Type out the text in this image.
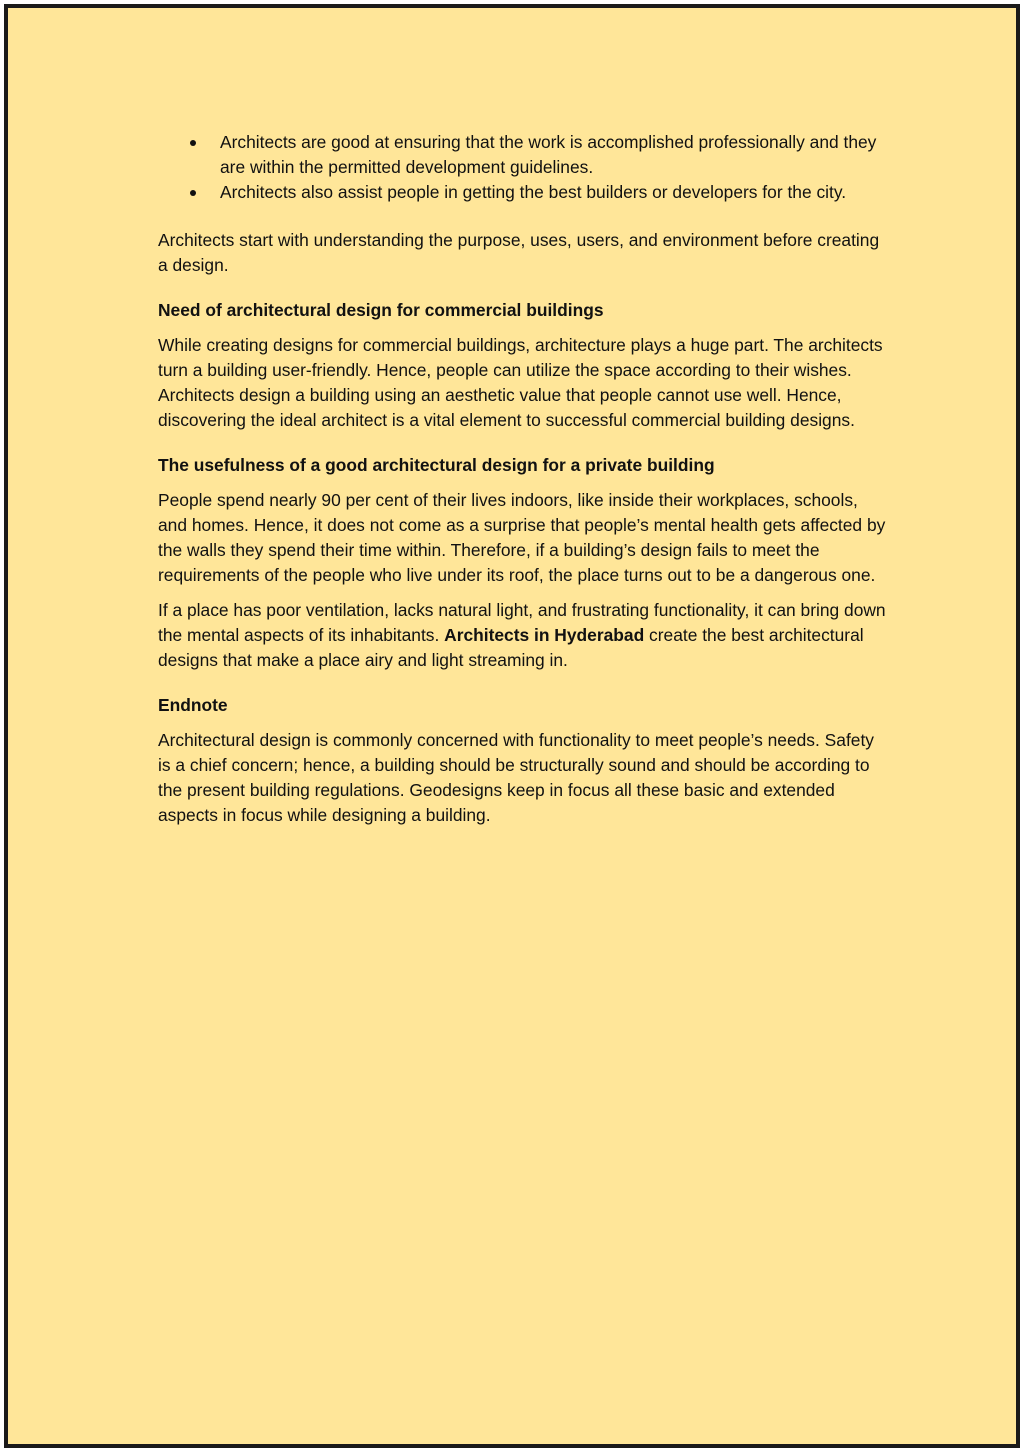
Architects are good at ensuring that the work is accomplished professionally and they are within the permitted development guidelines.
Architects also assist people in getting the best builders or developers for the city.

Architects start with understanding the purpose, uses, users, and environment before creating a design.

Need of architectural design for commercial buildings

While creating designs for commercial buildings, architecture plays a huge part. The architects turn a building user-friendly. Hence, people can utilize the space according to their wishes. Architects design a building using an aesthetic value that people cannot use well. Hence, discovering the ideal architect is a vital element to successful commercial building designs.

The usefulness of a good architectural design for a private building

People spend nearly 90 per cent of their lives indoors, like inside their workplaces, schools, and homes. Hence, it does not come as a surprise that people’s mental health gets affected by the walls they spend their time within. Therefore, if a building’s design fails to meet the requirements of the people who live under its roof, the place turns out to be a dangerous one.

If a place has poor ventilation, lacks natural light, and frustrating functionality, it can bring down the mental aspects of its inhabitants. Architects in Hyderabad create the best architectural designs that make a place airy and light streaming in.

Endnote

Architectural design is commonly concerned with functionality to meet people’s needs. Safety is a chief concern; hence, a building should be structurally sound and should be according to the present building regulations. Geodesigns keep in focus all these basic and extended aspects in focus while designing a building.
